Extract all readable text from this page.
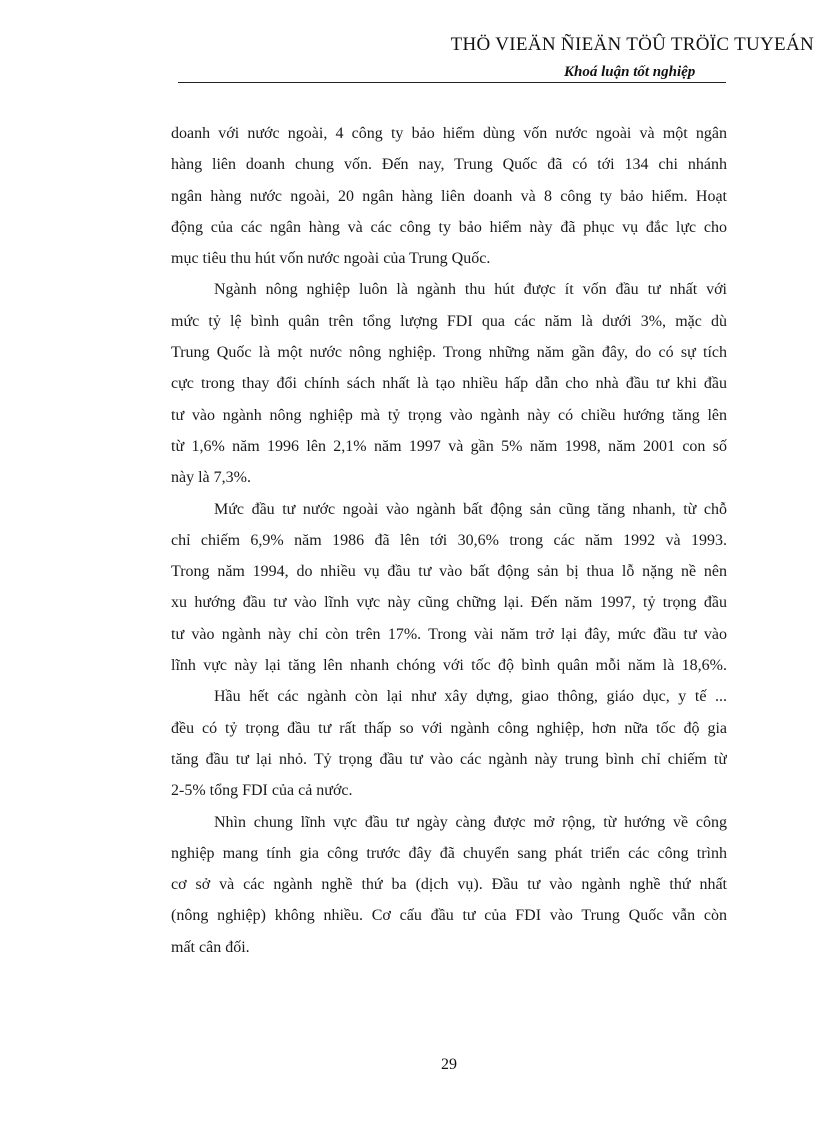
THÖ VIEÄN ÑIEÄN TÖÛ TRÖÏC TUYEÁN
Khoá luận tốt nghiệp
doanh với nước ngoài, 4 công ty bảo hiểm dùng vốn nước ngoài và một ngân
hàng liên doanh chung vốn. Đến nay, Trung Quốc đã có tới 134 chi nhánh
ngân hàng nước ngoài, 20 ngân hàng liên doanh và 8 công ty bảo hiểm. Hoạt
động của các ngân hàng và các công ty bảo hiểm này đã phục vụ đắc lực cho
mục tiêu thu hút vốn nước ngoài của Trung Quốc.
Ngành nông nghiệp luôn là ngành thu hút được ít vốn đầu tư nhất với
mức tỷ lệ bình quân trên tổng lượng FDI qua các năm là dưới 3%, mặc dù
Trung Quốc là một nước nông nghiệp. Trong những năm gần đây, do có sự tích
cực trong thay đổi chính sách nhất là tạo nhiều hấp dẫn cho nhà đầu tư khi đầu
tư vào ngành nông nghiệp mà tỷ trọng vào ngành này có chiều hướng tăng lên
từ 1,6% năm 1996 lên 2,1% năm 1997 và gần 5% năm 1998, năm 2001 con số
này là 7,3%.
Mức đầu tư nước ngoài vào ngành bất động sản cũng tăng nhanh, từ chỗ
chỉ chiếm 6,9% năm 1986 đã lên tới 30,6% trong các năm 1992 và 1993.
Trong năm 1994, do nhiều vụ đầu tư vào bất động sản bị thua lỗ nặng nề nên
xu hướng đầu tư vào lĩnh vực này cũng chững lại. Đến năm 1997, tỷ trọng đầu
tư vào ngành này chỉ còn trên 17%. Trong vài năm trở lại đây, mức đầu tư vào
lĩnh vực này lại tăng lên nhanh chóng với tốc độ bình quân mỗi năm là 18,6%.
Hầu hết các ngành còn lại như xây dựng, giao thông, giáo dục, y tế ...
đều có tỷ trọng đầu tư rất thấp so với ngành công nghiệp, hơn nữa tốc độ gia
tăng đầu tư lại nhỏ. Tỷ trọng đầu tư vào các ngành này trung bình chỉ chiếm từ
2-5% tổng FDI của cả nước.
Nhìn chung lĩnh vực đầu tư ngày càng được mở rộng, từ hướng về công
nghiệp mang tính gia công trước đây đã chuyển sang phát triển các công trình
cơ sở và các ngành nghề thứ ba (dịch vụ). Đầu tư vào ngành nghề thứ nhất
(nông nghiệp) không nhiều. Cơ cấu đầu tư của FDI vào Trung Quốc vẫn còn
mất cân đối.
29
